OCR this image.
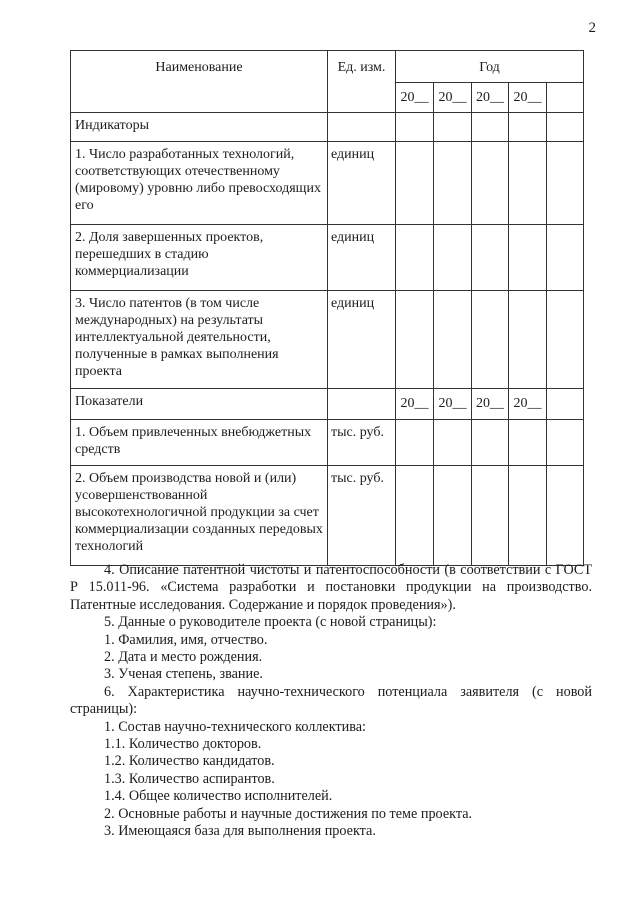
2
Наименование	Ед. изм.	Год				
		20__	20__	20__	20__	
Индикаторы						
1. Число разработанных технологий, соответствующих отечественному (мировому) уровню либо превосходящих его	единиц					
2. Доля завершенных проектов, перешедших в стадию коммерциализации	единиц					
3. Число патентов (в том числе международных) на результаты интеллектуальной деятельности, полученные в рамках выполнения проекта	единиц					
Показатели		20__	20__	20__	20__	
1. Объем привлеченных внебюджетных средств	тыс. руб.					
2. Объем производства новой и (или) усовершенствованной высокотехнологичной продукции за счет коммерциализации созданных передовых технологий	тыс. руб.					

4. Описание патентной чистоты и патентоспособности (в соответствии с ГОСТ Р 15.011-96. «Система разработки и постановки продукции на производство. Патентные исследования. Содержание и порядок проведения»).

5. Данные о руководителе проекта (с новой страницы):

1. Фамилия, имя, отчество.

2. Дата и место рождения.

3. Ученая степень, звание.

6. Характеристика научно-технического потенциала заявителя (с новой страницы):

1. Состав научно-технического коллектива:

1.1. Количество докторов.

1.2. Количество кандидатов.

1.3. Количество аспирантов.

1.4. Общее количество исполнителей.

2. Основные работы и научные достижения по теме проекта.

3. Имеющаяся база для выполнения проекта.
